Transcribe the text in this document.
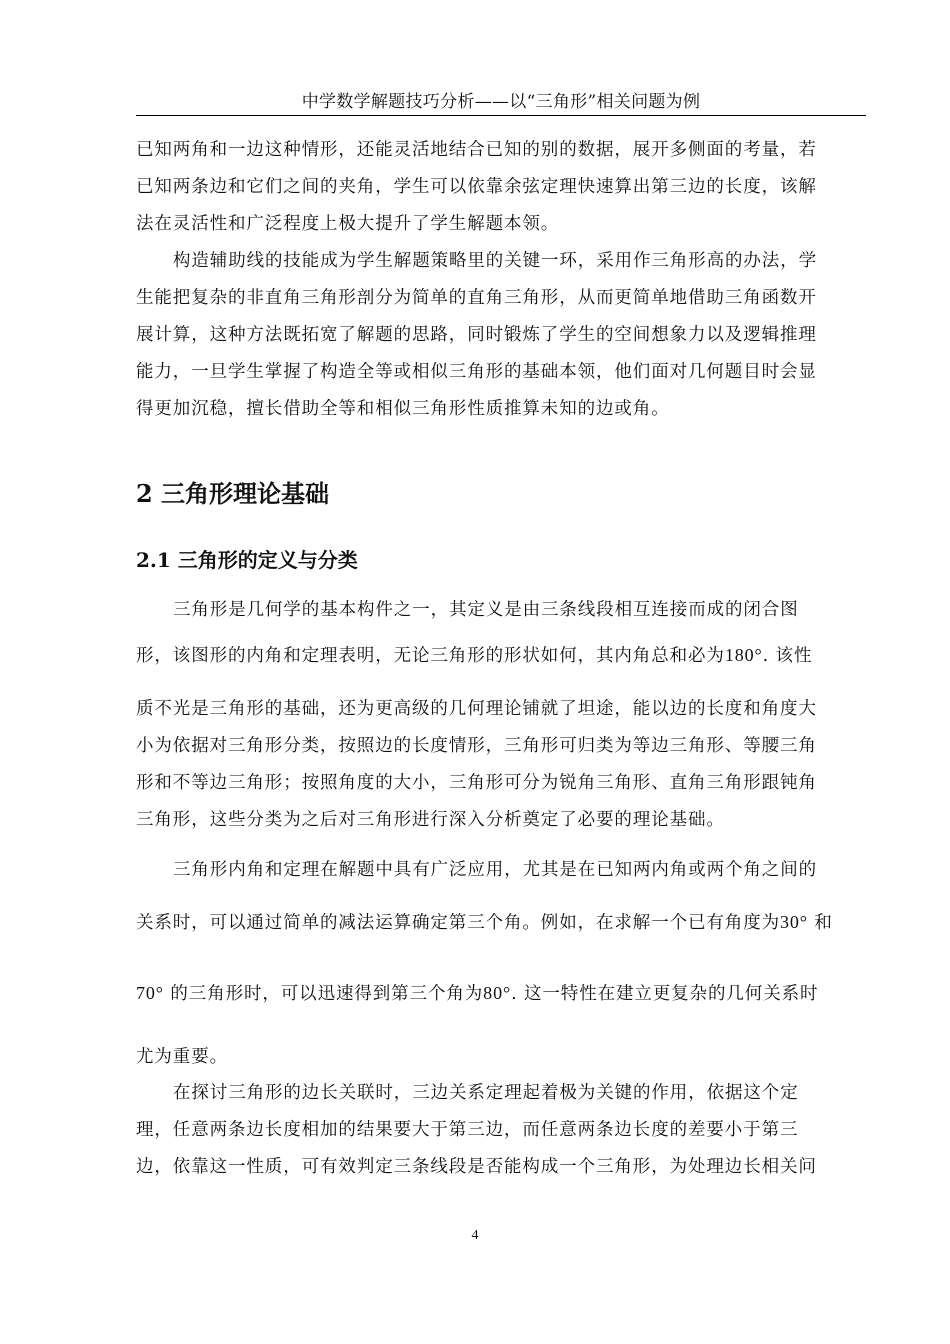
中学数学解题技巧分析——以“三角形”相关问题为例

已知两角和一边这种情形，还能灵活地结合已知的别的数据，展开多侧面的考量，若
已知两条边和它们之间的夹角，学生可以依靠余弦定理快速算出第三边的长度，该解
法在灵活性和广泛程度上极大提升了学生解题本领。

构造辅助线的技能成为学生解题策略里的关键一环，采用作三角形高的办法，学
生能把复杂的非直角三角形剖分为简单的直角三角形，从而更简单地借助三角函数开
展计算，这种方法既拓宽了解题的思路，同时锻炼了学生的空间想象力以及逻辑推理
能力，一旦学生掌握了构造全等或相似三角形的基础本领，他们面对几何题目时会显
得更加沉稳，擅长借助全等和相似三角形性质推算未知的边或角。

2 三角形理论基础
2.1 三角形的定义与分类

三角形是几何学的基本构件之一，其定义是由三条线段相互连接而成的闭合图
形，该图形的内角和定理表明，无论三角形的形状如何，其内角总和必为180°. 该性
质不光是三角形的基础，还为更高级的几何理论铺就了坦途，能以边的长度和角度大
小为依据对三角形分类，按照边的长度情形，三角形可归类为等边三角形、等腰三角
形和不等边三角形；按照角度的大小，三角形可分为锐角三角形、直角三角形跟钝角
三角形，这些分类为之后对三角形进行深入分析奠定了必要的理论基础。

三角形内角和定理在解题中具有广泛应用，尤其是在已知两内角或两个角之间的
关系时，可以通过简单的减法运算确定第三个角。例如，在求解一个已有角度为30° 和
70° 的三角形时，可以迅速得到第三个角为80°. 这一特性在建立更复杂的几何关系时
尤为重要。

在探讨三角形的边长关联时，三边关系定理起着极为关键的作用，依据这个定
理，任意两条边长度相加的结果要大于第三边，而任意两条边长度的差要小于第三
边，依靠这一性质，可有效判定三条线段是否能构成一个三角形，为处理边长相关问

4
